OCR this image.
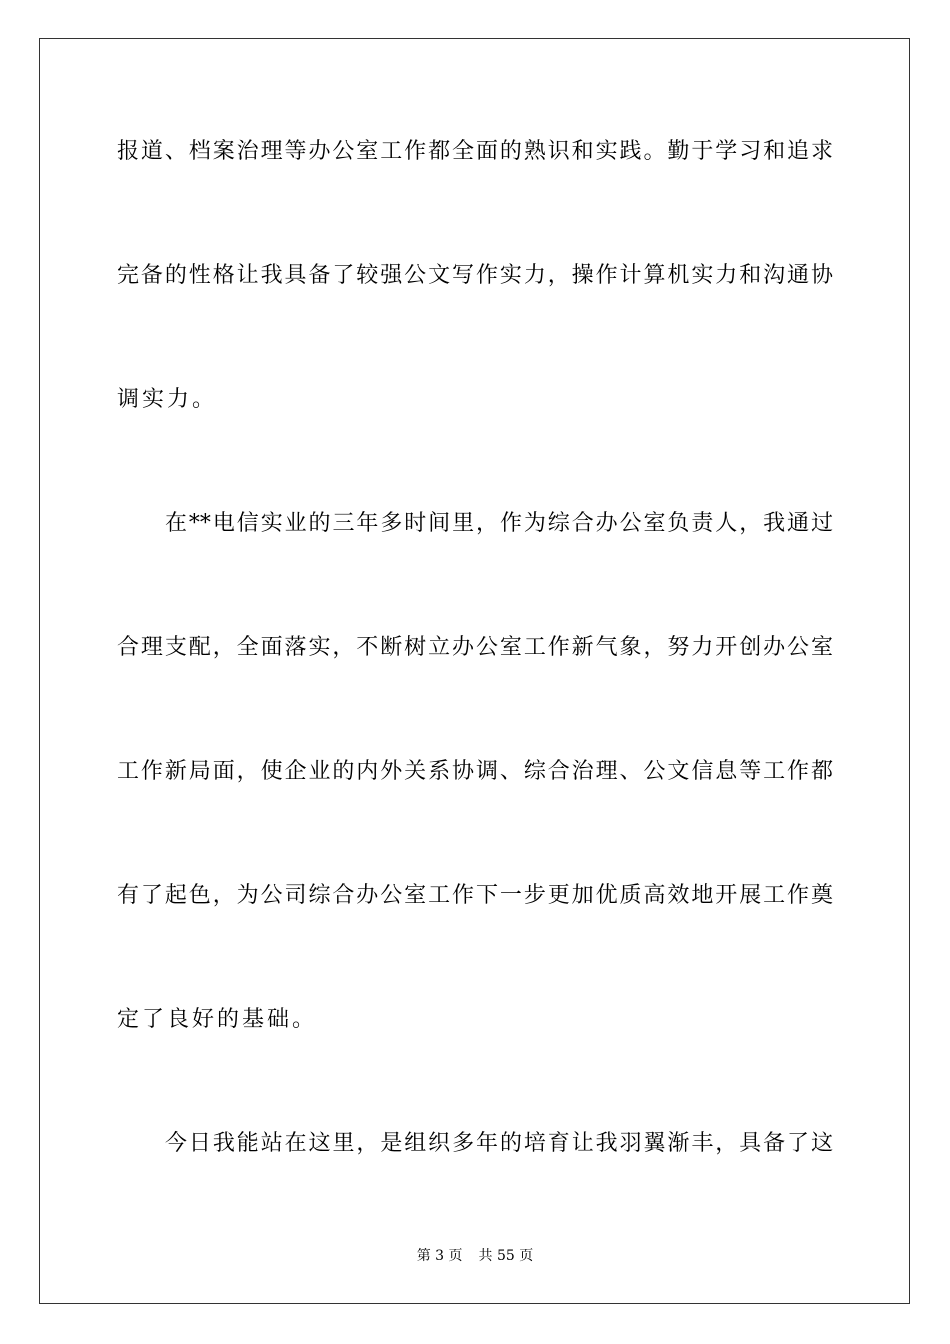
报道、档案治理等办公室工作都全面的熟识和实践。勤于学习和追求
完备的性格让我具备了较强公文写作实力，操作计算机实力和沟通协
调实力。
在**电信实业的三年多时间里，作为综合办公室负责人，我通过
合理支配，全面落实，不断树立办公室工作新气象，努力开创办公室
工作新局面，使企业的内外关系协调、综合治理、公文信息等工作都
有了起色，为公司综合办公室工作下一步更加优质高效地开展工作奠
定了良好的基础。
今日我能站在这里，是组织多年的培育让我羽翼渐丰，具备了这
第 3 页 共 55 页
